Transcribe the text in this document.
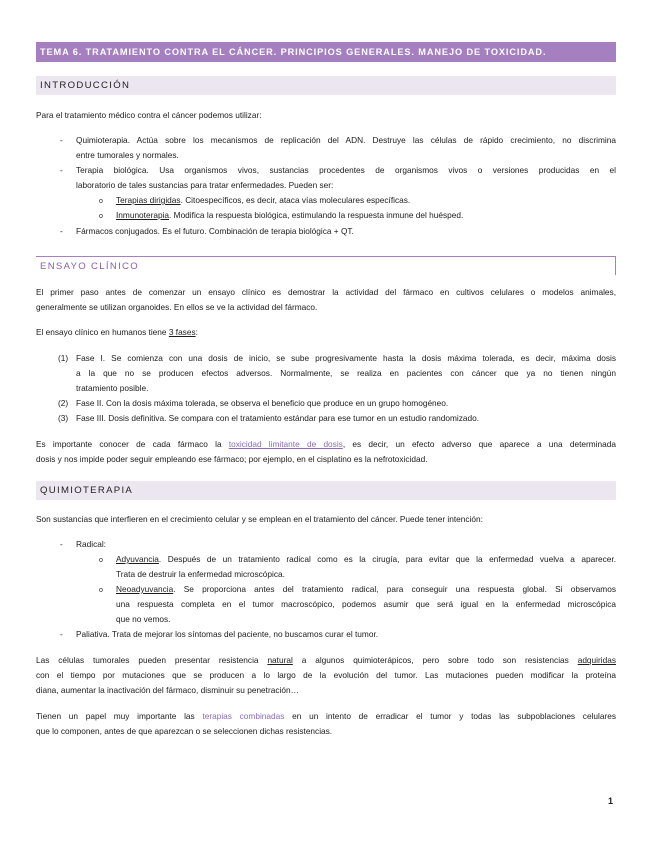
TEMA 6. TRATAMIENTO CONTRA EL CÁNCER. PRINCIPIOS GENERALES. MANEJO DE TOXICIDAD.
INTRODUCCIÓN
Para el tratamiento médico contra el cáncer podemos utilizar:
- Quimioterapia. Actúa sobre los mecanismos de replicación del ADN. Destruye las células de rápido crecimiento, no discrimina
entre tumorales y normales.
- Terapia biológica. Usa organismos vivos, sustancias procedentes de organismos vivos o versiones producidas en el
laboratorio de tales sustancias para tratar enfermedades. Pueden ser:
o Terapias dirigidas. Citoespecíficos, es decir, ataca vías moleculares específicas.
o Inmunoterapia. Modifica la respuesta biológica, estimulando la respuesta inmune del huésped.
- Fármacos conjugados. Es el futuro. Combinación de terapia biológica + QT.
ENSAYO CLÍNICO
El primer paso antes de comenzar un ensayo clínico es demostrar la actividad del fármaco en cultivos celulares o modelos animales,
generalmente se utilizan organoides. En ellos se ve la actividad del fármaco.
El ensayo clínico en humanos tiene 3 fases:
(1) Fase I. Se comienza con una dosis de inicio, se sube progresivamente hasta la dosis máxima tolerada, es decir, máxima dosis
a la que no se producen efectos adversos. Normalmente, se realiza en pacientes con cáncer que ya no tienen ningún
tratamiento posible.
(2) Fase II. Con la dosis máxima tolerada, se observa el beneficio que produce en un grupo homogéneo.
(3) Fase III. Dosis definitiva. Se compara con el tratamiento estándar para ese tumor en un estudio randomizado.
Es importante conocer de cada fármaco la toxicidad limitante de dosis, es decir, un efecto adverso que aparece a una determinada
dosis y nos impide poder seguir empleando ese fármaco; por ejemplo, en el cisplatino es la nefrotoxicidad.
QUIMIOTERAPIA
Son sustancias que interfieren en el crecimiento celular y se emplean en el tratamiento del cáncer. Puede tener intención:
- Radical:
o Adyuvancia. Después de un tratamiento radical como es la cirugía, para evitar que la enfermedad vuelva a aparecer.
Trata de destruir la enfermedad microscópica.
o Neoadyuvancia. Se proporciona antes del tratamiento radical, para conseguir una respuesta global. Si observamos
una respuesta completa en el tumor macroscópico, podemos asumir que será igual en la enfermedad microscópica
que no vemos.
- Paliativa. Trata de mejorar los síntomas del paciente, no buscamos curar el tumor.
Las células tumorales pueden presentar resistencia natural a algunos quimioterápicos, pero sobre todo son resistencias adquiridas
con el tiempo por mutaciones que se producen a lo largo de la evolución del tumor. Las mutaciones pueden modificar la proteína
diana, aumentar la inactivación del fármaco, disminuir su penetración…
Tienen un papel muy importante las terapias combinadas en un intento de erradicar el tumor y todas las subpoblaciones celulares
que lo componen, antes de que aparezcan o se seleccionen dichas resistencias.
1
